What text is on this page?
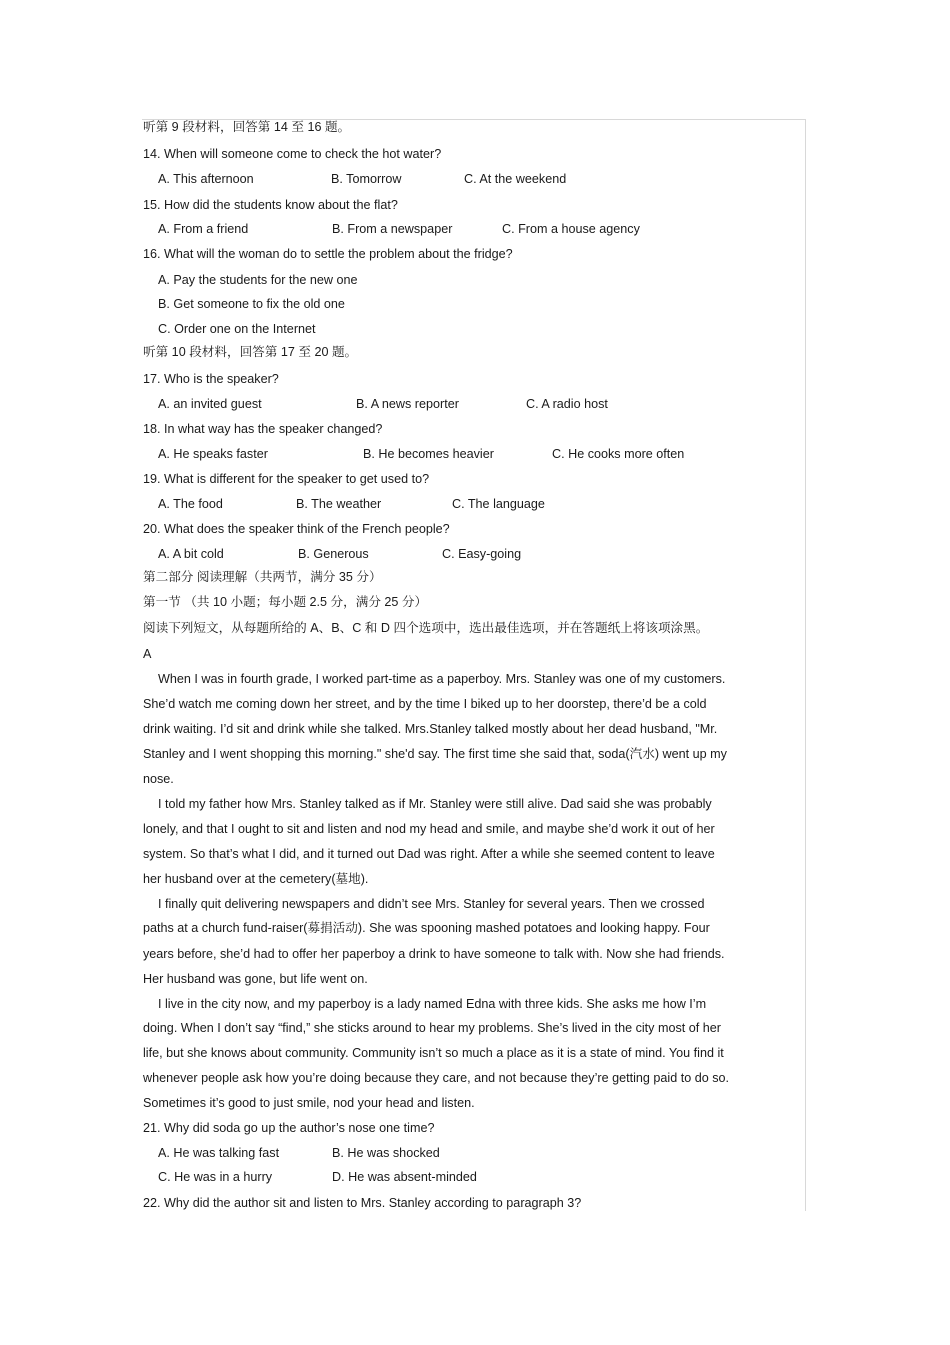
听第 9 段材料，回答第 14 至 16 题。
14. When will someone come to check the hot water?
A. This afternoon	B. Tomorrow	C. At the weekend
15. How did the students know about the flat?
A. From a friend	B. From a newspaper	C. From a house agency
16. What will the woman do to settle the problem about the fridge?
A. Pay the students for the new one
B. Get someone to fix the old one
C. Order one on the Internet
听第 10 段材料，回答第 17 至 20 题。
17. Who is the speaker?
A. an invited guest	B. A news reporter	C. A radio host
18. In what way has the speaker changed?
A. He speaks faster	B. He becomes heavier	C. He cooks more often
19. What is different for the speaker to get used to?
A. The food	B. The weather	C. The language
20. What does the speaker think of the French people?
A. A bit cold	B. Generous	C. Easy-going
第二部分 阅读理解（共两节，满分 35 分）
第一节 （共 10 小题；每小题 2.5 分，满分 25 分）
阅读下列短文，从每题所给的 A、B、C 和 D 四个选项中，选出最佳选项，并在答题纸上将该项涂黑。
A
When I was in fourth grade, I worked part-time as a paperboy. Mrs. Stanley was one of my customers.
She’d watch me coming down her street, and by the time I biked up to her doorstep, there’d be a cold
drink waiting. I’d sit and drink while she talked. Mrs.Stanley talked mostly about her dead husband, "Mr.
Stanley and I went shopping this morning." she'd say. The first time she said that, soda(汽水) went up my
nose.
I told my father how Mrs. Stanley talked as if Mr. Stanley were still alive. Dad said she was probably
lonely, and that I ought to sit and listen and nod my head and smile, and maybe she’d work it out of her
system. So that’s what I did, and it turned out Dad was right. After a while she seemed content to leave
her husband over at the cemetery(墓地).
I finally quit delivering newspapers and didn’t see Mrs. Stanley for several years. Then we crossed
paths at a church fund-raiser(募捐活动). She was spooning mashed potatoes and looking happy. Four
years before, she’d had to offer her paperboy a drink to have someone to talk with. Now she had friends.
Her husband was gone, but life went on.
I live in the city now, and my paperboy is a lady named Edna with three kids. She asks me how I’m
doing. When I don’t say “find,” she sticks around to hear my problems. She’s lived in the city most of her
life, but she knows about community. Community isn’t so much a place as it is a state of mind. You find it
whenever people ask how you’re doing because they care, and not because they’re getting paid to do so.
Sometimes it’s good to just smile, nod your head and listen.
21. Why did soda go up the author’s nose one time?
A. He was talking fast	B. He was shocked
C. He was in a hurry	D. He was absent-minded
22. Why did the author sit and listen to Mrs. Stanley according to paragraph 3?
